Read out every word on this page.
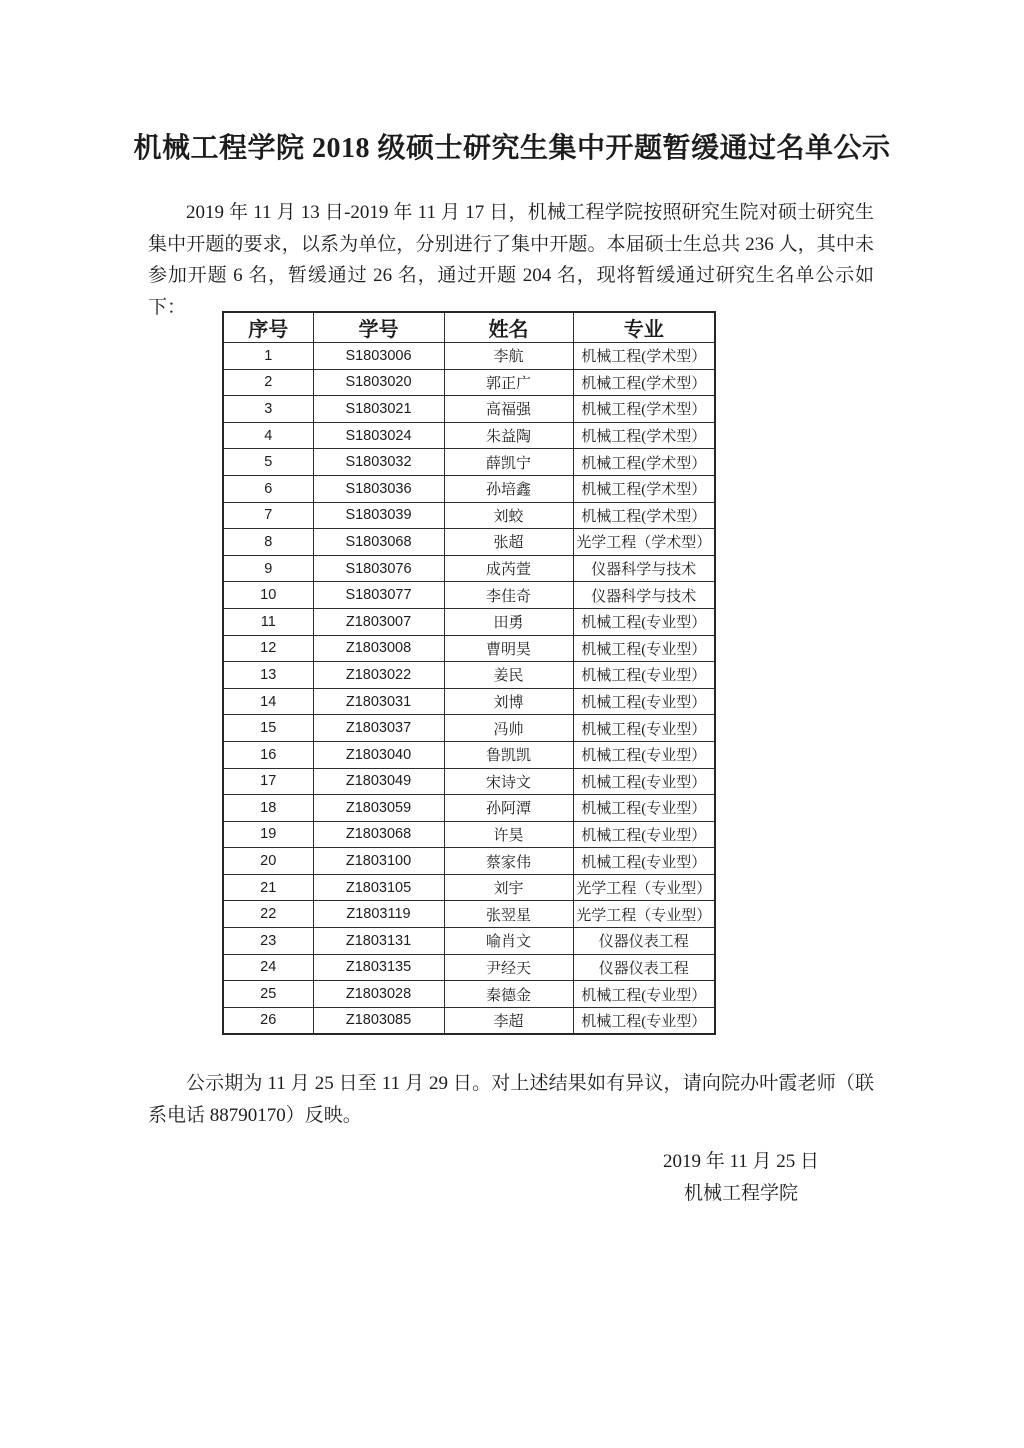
机械工程学院 2018 级硕士研究生集中开题暂缓通过名单公示

2019 年 11 月 13 日-2019 年 11 月 17 日，机械工程学院按照研究生院对硕士研究生集中开题的要求，以系为单位，分别进行了集中开题。本届硕士生总共 236 人，其中未参加开题 6 名，暂缓通过 26 名，通过开题 204 名，现将暂缓通过研究生名单公示如下：

序号	学号	姓名	专业
1	S1803006	李航	机械工程(学术型）
2	S1803020	郭正广	机械工程(学术型）
3	S1803021	高福强	机械工程(学术型）
4	S1803024	朱益陶	机械工程(学术型）
5	S1803032	薛凯宁	机械工程(学术型）
6	S1803036	孙培鑫	机械工程(学术型）
7	S1803039	刘蛟	机械工程(学术型）
8	S1803068	张超	光学工程（学术型）
9	S1803076	成芮萱	仪器科学与技术
10	S1803077	李佳奇	仪器科学与技术
11	Z1803007	田勇	机械工程(专业型）
12	Z1803008	曹明昊	机械工程(专业型）
13	Z1803022	姜民	机械工程(专业型）
14	Z1803031	刘博	机械工程(专业型）
15	Z1803037	冯帅	机械工程(专业型）
16	Z1803040	鲁凯凯	机械工程(专业型）
17	Z1803049	宋诗文	机械工程(专业型）
18	Z1803059	孙阿潭	机械工程(专业型）
19	Z1803068	许昊	机械工程(专业型）
20	Z1803100	蔡家伟	机械工程(专业型）
21	Z1803105	刘宇	光学工程（专业型）
22	Z1803119	张翌星	光学工程（专业型）
23	Z1803131	喻肖文	仪器仪表工程
24	Z1803135	尹经天	仪器仪表工程
25	Z1803028	秦德金	机械工程(专业型）
26	Z1803085	李超	机械工程(专业型）

公示期为 11 月 25 日至 11 月 29 日。对上述结果如有异议，请向院办叶霞老师（联系电话 88790170）反映。

2019 年 11 月 25 日
机械工程学院
